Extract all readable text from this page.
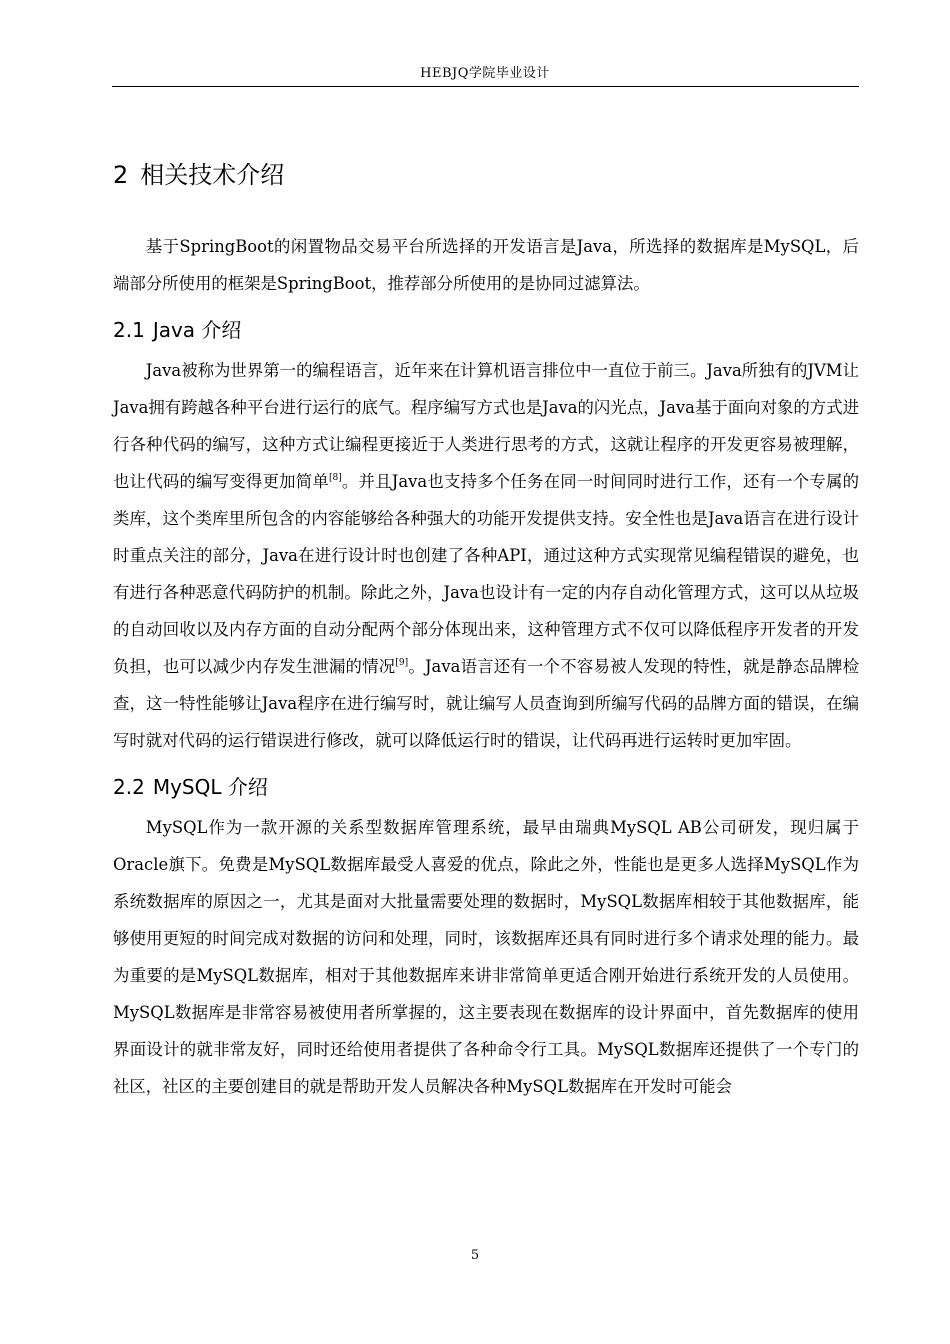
HEBJQ学院毕业设计
2 相关技术介绍

基于SpringBoot的闲置物品交易平台所选择的开发语言是Java，所选择的数据库是MySQL，后端部分所使用的框架是SpringBoot，推荐部分所使用的是协同过滤算法。

2.1 Java 介绍

Java被称为世界第一的编程语言，近年来在计算机语言排位中一直位于前三。Java所独有的JVM让Java拥有跨越各种平台进行运行的底气。程序编写方式也是Java的闪光点，Java基于面向对象的方式进行各种代码的编写，这种方式让编程更接近于人类进行思考的方式，这就让程序的开发更容易被理解，也让代码的编写变得更加简单[8]。并且Java也支持多个任务在同一时间同时进行工作，还有一个专属的类库，这个类库里所包含的内容能够给各种强大的功能开发提供支持。安全性也是Java语言在进行设计时重点关注的部分，Java在进行设计时也创建了各种API，通过这种方式实现常见编程错误的避免，也有进行各种恶意代码防护的机制。除此之外，Java也设计有一定的内存自动化管理方式，这可以从垃圾的自动回收以及内存方面的自动分配两个部分体现出来，这种管理方式不仅可以降低程序开发者的开发负担，也可以减少内存发生泄漏的情况[9]。Java语言还有一个不容易被人发现的特性，就是静态品牌检查，这一特性能够让Java程序在进行编写时，就让编写人员查询到所编写代码的品牌方面的错误，在编写时就对代码的运行错误进行修改，就可以降低运行时的错误，让代码再进行运转时更加牢固。

2.2 MySQL 介绍

MySQL作为一款开源的关系型数据库管理系统，最早由瑞典MySQL AB公司研发，现归属于Oracle旗下。免费是MySQL数据库最受人喜爱的优点，除此之外，性能也是更多人选择MySQL作为系统数据库的原因之一，尤其是面对大批量需要处理的数据时，MySQL数据库相较于其他数据库，能够使用更短的时间完成对数据的访问和处理，同时，该数据库还具有同时进行多个请求处理的能力。最为重要的是MySQL数据库，相对于其他数据库来讲非常简单更适合刚开始进行系统开发的人员使用。MySQL数据库是非常容易被使用者所掌握的，这主要表现在数据库的设计界面中，首先数据库的使用界面设计的就非常友好，同时还给使用者提供了各种命令行工具。MySQL数据库还提供了一个专门的社区，社区的主要创建目的就是帮助开发人员解决各种MySQL数据库在开发时可能会

5
